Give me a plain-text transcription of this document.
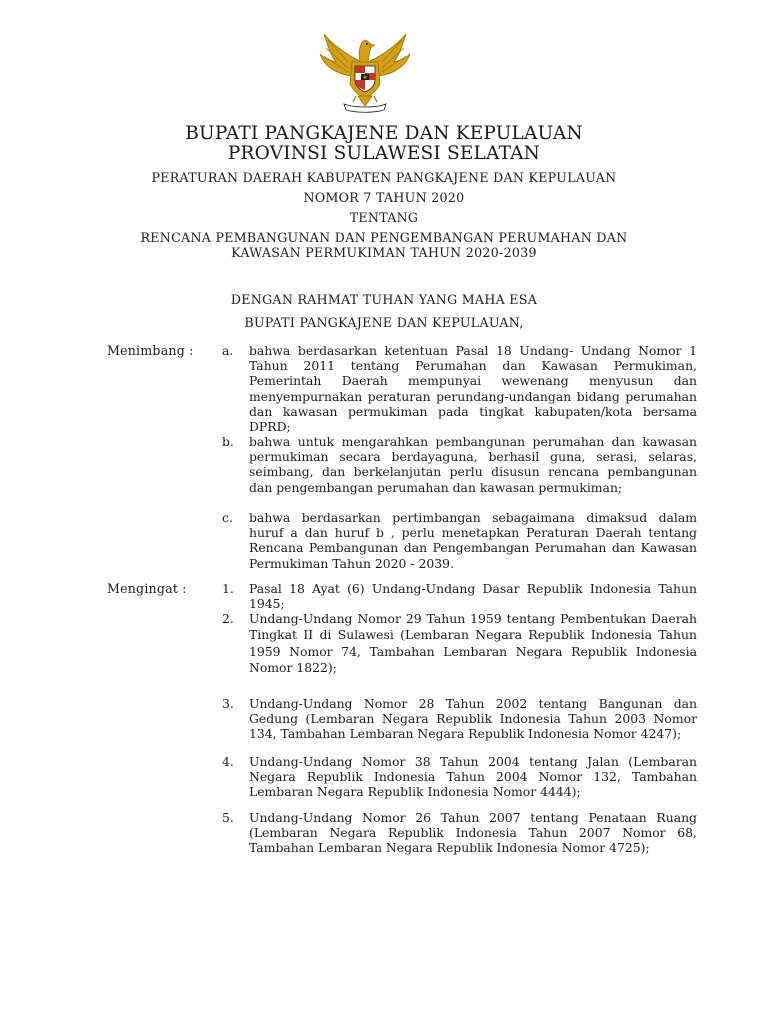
BUPATI PANGKAJENE DAN KEPULAUAN
PROVINSI SULAWESI SELATAN
PERATURAN DAERAH KABUPATEN PANGKAJENE DAN KEPULAUAN
NOMOR 7 TAHUN 2020
TENTANG
RENCANA PEMBANGUNAN DAN PENGEMBANGAN PERUMAHAN DAN
KAWASAN PERMUKIMAN TAHUN 2020-2039
DENGAN RAHMAT TUHAN YANG MAHA ESA
BUPATI PANGKAJENE DAN KEPULAUAN,
Menimbang : a. bahwa berdasarkan ketentuan Pasal 18 Undang- Undang Nomor 1 Tahun 2011 tentang Perumahan dan Kawasan Permukiman, Pemerintah Daerah mempunyai wewenang menyusun dan menyempurnakan peraturan perundang-undangan bidang perumahan dan kawasan permukiman pada tingkat kabupaten/kota bersama DPRD;
b. bahwa untuk mengarahkan pembangunan perumahan dan kawasan permukiman secara berdayaguna, berhasil guna, serasi, selaras, seimbang, dan berkelanjutan perlu disusun rencana pembangunan dan pengembangan perumahan dan kawasan permukiman;
c. bahwa berdasarkan pertimbangan sebagaimana dimaksud dalam huruf a dan huruf b , perlu menetapkan Peraturan Daerah tentang Rencana Pembangunan dan Pengembangan Perumahan dan Kawasan Permukiman Tahun 2020 - 2039.
Mengingat :	1. Pasal 18 Ayat (6) Undang-Undang Dasar Republik Indonesia Tahun 1945;
2. Undang-Undang Nomor 29 Tahun 1959 tentang Pembentukan Daerah Tingkat II di Sulawesi (Lembaran Negara Republik Indonesia Tahun 1959 Nomor 74, Tambahan Lembaran Negara Republik Indonesia Nomor 1822);
3. Undang-Undang Nomor 28 Tahun 2002 tentang Bangunan dan Gedung (Lembaran Negara Republik Indonesia Tahun 2003 Nomor 134, Tambahan Lembaran Negara Republik Indonesia Nomor 4247);
4. Undang-Undang Nomor 38 Tahun 2004 tentang Jalan (Lembaran Negara Republik Indonesia Tahun 2004 Nomor 132, Tambahan Lembaran Negara Republik Indonesia Nomor 4444);
5. Undang-Undang Nomor 26 Tahun 2007 tentang Penataan Ruang (Lembaran Negara Republik Indonesia Tahun 2007 Nomor 68, Tambahan Lembaran Negara Republik Indonesia Nomor 4725);
